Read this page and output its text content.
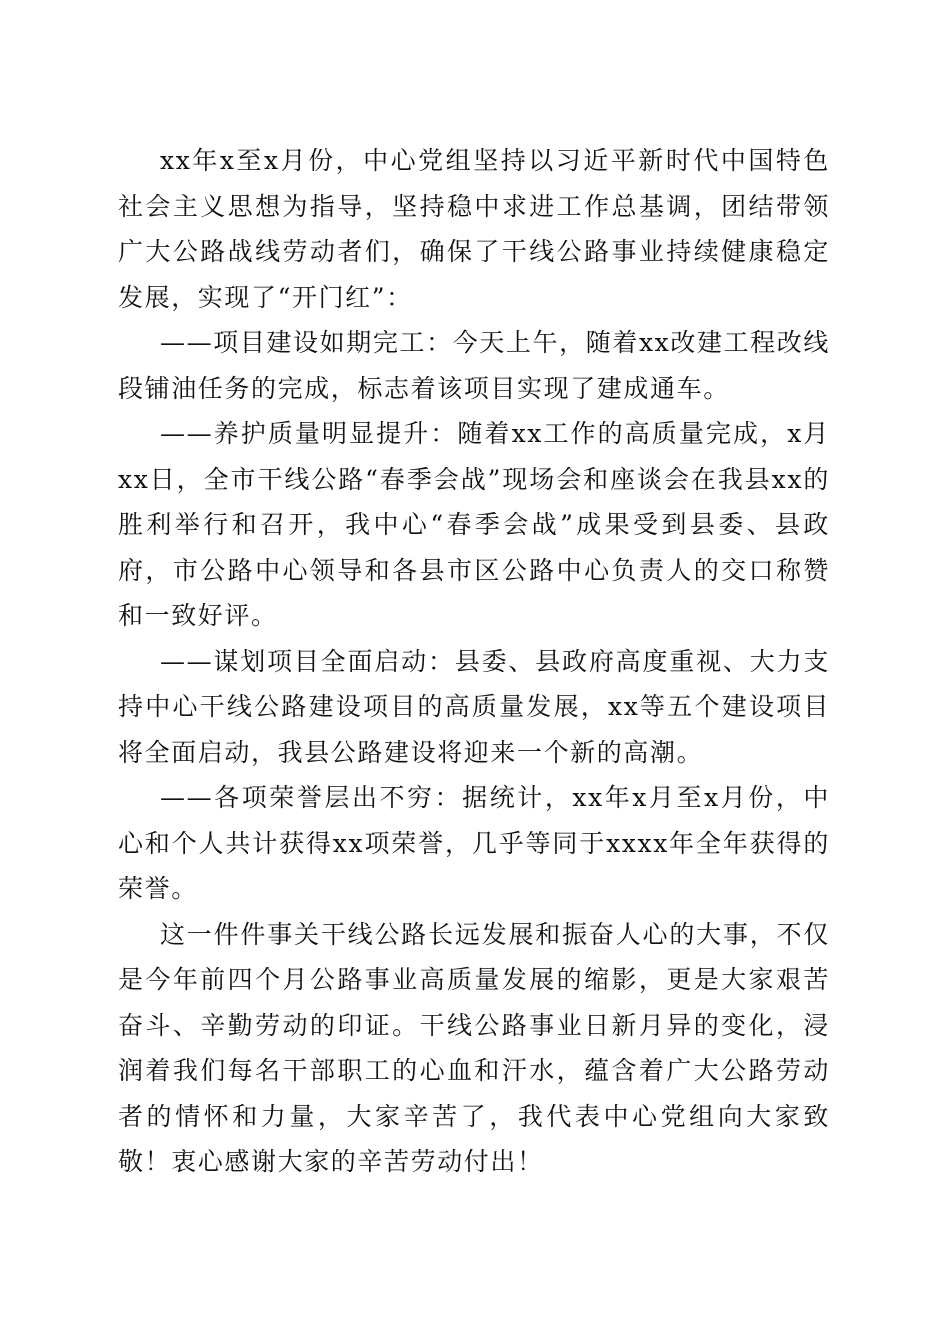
xx年x至x月份，中心党组坚持以习近平新时代中国特色社会主义思想为指导，坚持稳中求进工作总基调，团结带领广大公路战线劳动者们，确保了干线公路事业持续健康稳定发展，实现了“开门红”：

——项目建设如期完工：今天上午，随着xx改建工程改线段铺油任务的完成，标志着该项目实现了建成通车。

——养护质量明显提升：随着xx工作的高质量完成，x月xx日，全市干线公路“春季会战”现场会和座谈会在我县xx的胜利举行和召开，我中心“春季会战”成果受到县委、县政府，市公路中心领导和各县市区公路中心负责人的交口称赞和一致好评。

——谋划项目全面启动：县委、县政府高度重视、大力支持中心干线公路建设项目的高质量发展，xx等五个建设项目将全面启动，我县公路建设将迎来一个新的高潮。

——各项荣誉层出不穷：据统计，xx年x月至x月份，中心和个人共计获得xx项荣誉，几乎等同于xxxx年全年获得的荣誉。

这一件件事关干线公路长远发展和振奋人心的大事，不仅是今年前四个月公路事业高质量发展的缩影，更是大家艰苦奋斗、辛勤劳动的印证。干线公路事业日新月异的变化，浸润着我们每名干部职工的心血和汗水，蕴含着广大公路劳动者的情怀和力量，大家辛苦了，我代表中心党组向大家致敬！衷心感谢大家的辛苦劳动付出！
